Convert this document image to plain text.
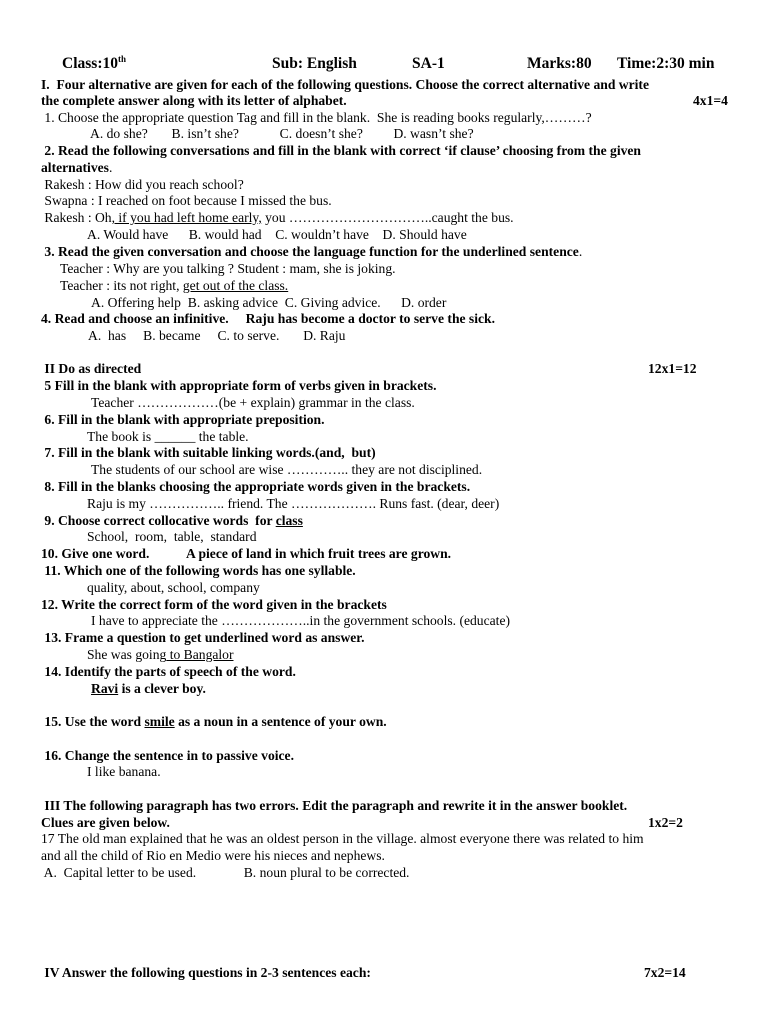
Class:10th	Sub: English	SA-1	Marks:80 Time:2:30 min
I.  Four alternative are given for each of the following questions. Choose the correct alternative and write
the complete answer along with its letter of alphabet.	4x1=4
1. Choose the appropriate question Tag and fill in the blank.  She is reading books regularly,………?
A. do she?       B. isn’t she?            C. doesn’t she?         D. wasn’t she?
2. Read the following conversations and fill in the blank with correct ‘if clause’ choosing from the given
alternatives.
Rakesh : How did you reach school?
Swapna : I reached on foot because I missed the bus.
Rakesh : Oh, if you had left home early, you …………………………..caught the bus.
A. Would have      B. would had    C. wouldn’t have    D. Should have
3. Read the given conversation and choose the language function for the underlined sentence.
Teacher : Why are you talking ? Student : mam, she is joking.
Teacher : its not right, get out of the class.
A. Offering help  B. asking advice  C. Giving advice.      D. order
4. Read and choose an infinitive.     Raju has become a doctor to serve the sick.
A.  has     B. became     C. to serve.       D. Raju
II Do as directed	12x1=12
5 Fill in the blank with appropriate form of verbs given in brackets.
Teacher ………………(be + explain) grammar in the class.
6. Fill in the blank with appropriate preposition.
The book is ______ the table.
7. Fill in the blank with suitable linking words.(and,  but)
The students of our school are wise ………….. they are not disciplined.
8. Fill in the blanks choosing the appropriate words given in the brackets.
Raju is my …………….. friend. The ………………. Runs fast. (dear, deer)
9. Choose correct collocative words  for class
School,  room,  table,  standard
10. Give one word.           A piece of land in which fruit trees are grown.
11. Which one of the following words has one syllable.
quality, about, school, company
12. Write the correct form of the word given in the brackets
I have to appreciate the ………………..in the government schools. (educate)
13. Frame a question to get underlined word as answer.
She was going to Bangalor
14. Identify the parts of speech of the word.
Ravi is a clever boy.
15. Use the word smile as a noun in a sentence of your own.
16. Change the sentence in to passive voice.
I like banana.
III The following paragraph has two errors. Edit the paragraph and rewrite it in the answer booklet.
Clues are given below.	1x2=2
17 The old man explained that he was an oldest person in the village. almost everyone there was related to him
and all the child of Rio en Medio were his nieces and nephews.
A.  Capital letter to be used.              B. noun plural to be corrected.
IV Answer the following questions in 2-3 sentences each:	7x2=14
